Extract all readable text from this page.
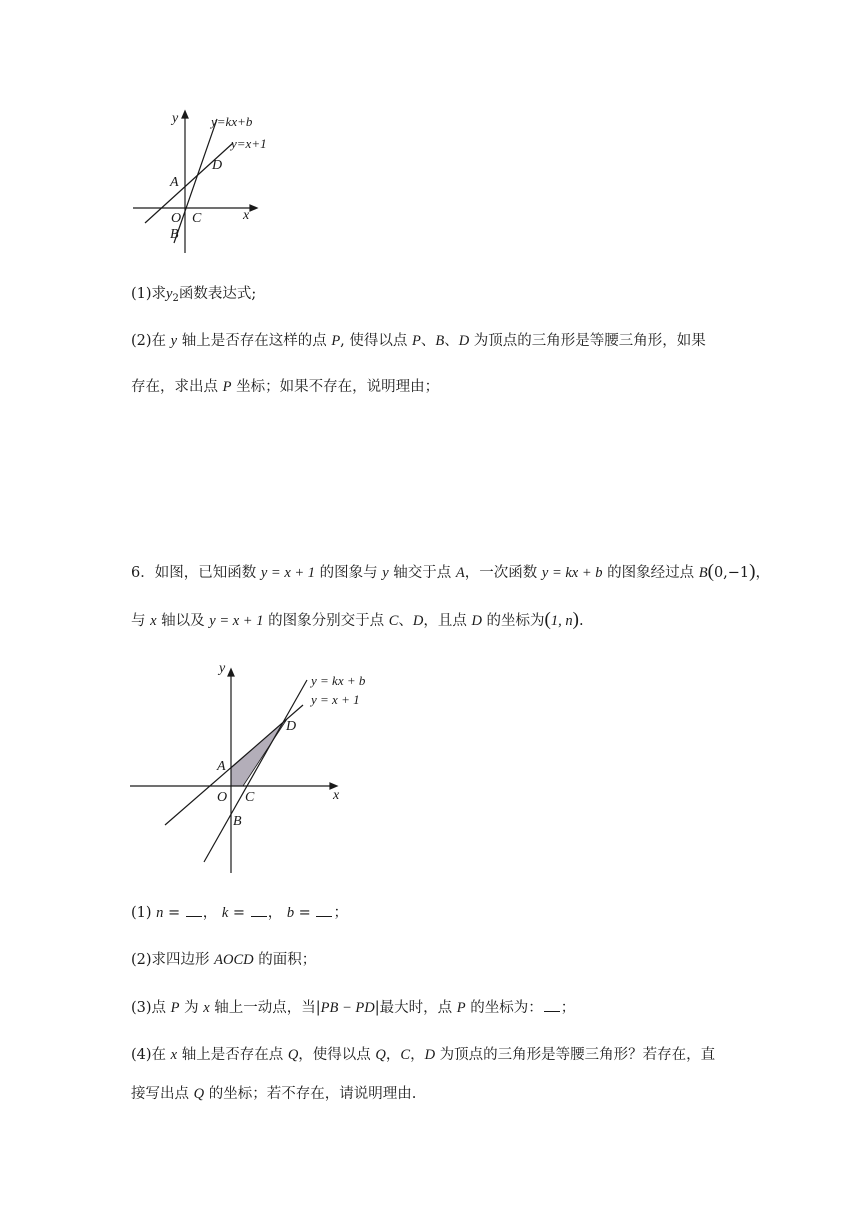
y	y=kx+b
y=x+1
D
A
O C	x
B
(1)求$y_2$函数表达式;
(2)在 y 轴上是否存在这样的点 P, 使得以点 P、B、D 为顶点的三角形是等腰三角形，如果
存在，求出点 P 坐标；如果不存在，说明理由；
6．如图，已知函数 y = x + 1 的图象与 y 轴交于点 A，一次函数 y = kx + b 的图象经过点 B(0,−1)，
与 x 轴以及 y = x + 1 的图象分别交于点 C、D，且点 D 的坐标为(1, n).
y
y = kx + b
y = x + 1
D
A
O C	x
B
(1) n = ， k = ， b = ；
(2)求四边形 AOCD 的面积；
(3)点 P 为 x 轴上一动点，当|PB − PD|最大时，点 P 的坐标为： ；
(4)在 x 轴上是否存在点 Q，使得以点 Q，C，D 为顶点的三角形是等腰三角形？若存在，直
接写出点 Q 的坐标；若不存在，请说明理由.
